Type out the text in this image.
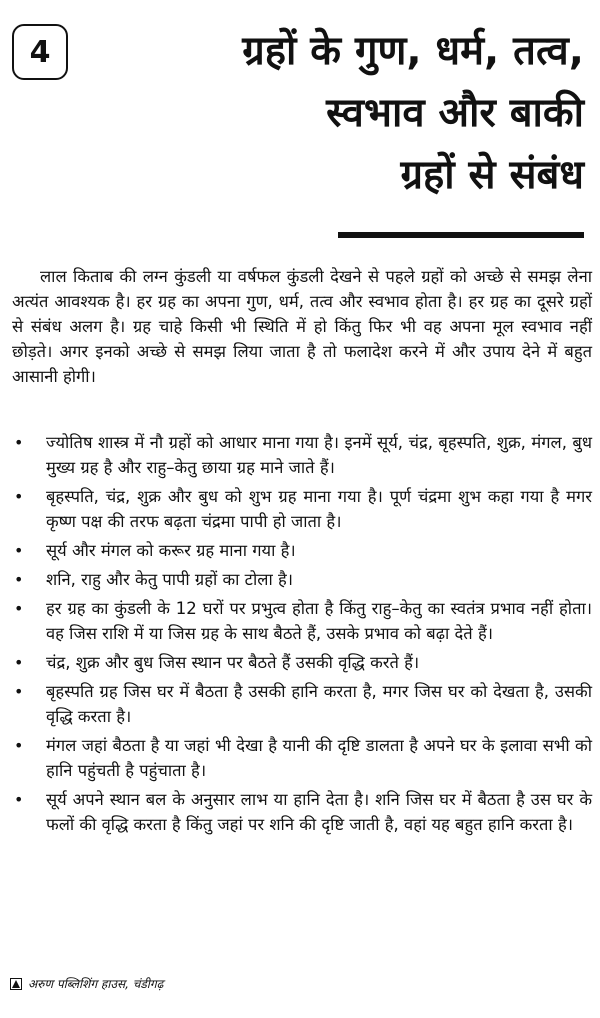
4	ग्रहों के गुण, धर्म, तत्व,
स्वभाव और बाकी
ग्रहों से संबंध

लाल किताब की लग्न कुंडली या वर्षफल कुंडली देखने से पहले ग्रहों को अच्छे से समझ लेना अत्यंत आवश्यक है। हर ग्रह का अपना गुण, धर्म, तत्व और स्वभाव होता है। हर ग्रह का दूसरे ग्रहों से संबंध अलग है। ग्रह चाहे किसी भी स्थिति में हो किंतु फिर भी वह अपना मूल स्वभाव नहीं छोड़ते। अगर इनको अच्छे से समझ लिया जाता है तो फलादेश करने में और उपाय देने में बहुत आसानी होगी।

• ज्योतिष शास्त्र में नौ ग्रहों को आधार माना गया है। इनमें सूर्य, चंद्र, बृहस्पति, शुक्र, मंगल, बुध मुख्य ग्रह है और राहु–केतु छाया ग्रह माने जाते हैं।
• बृहस्पति, चंद्र, शुक्र और बुध को शुभ ग्रह माना गया है। पूर्ण चंद्रमा शुभ कहा गया है मगर कृष्ण पक्ष की तरफ बढ़ता चंद्रमा पापी हो जाता है।
• सूर्य और मंगल को करूर ग्रह माना गया है।
• शनि, राहु और केतु पापी ग्रहों का टोला है।
• हर ग्रह का कुंडली के 12 घरों पर प्रभुत्व होता है किंतु राहु–केतु का स्वतंत्र प्रभाव नहीं होता। वह जिस राशि में या जिस ग्रह के साथ बैठते हैं, उसके प्रभाव को बढ़ा देते हैं।
• चंद्र, शुक्र और बुध जिस स्थान पर बैठते हैं उसकी वृद्धि करते हैं।
• बृहस्पति ग्रह जिस घर में बैठता है उसकी हानि करता है, मगर जिस घर को देखता है, उसकी वृद्धि करता है।
• मंगल जहां बैठता है या जहां भी देखा है यानी की दृष्टि डालता है अपने घर के इलावा सभी को हानि पहुंचती है पहुंचाता है।
• सूर्य अपने स्थान बल के अनुसार लाभ या हानि देता है। शनि जिस घर में बैठता है उस घर के फलों की वृद्धि करता है किंतु जहां पर शनि की दृष्टि जाती है, वहां यह बहुत हानि करता है।
अरुण पब्लिशिंग हाउस, चंडीगढ़
